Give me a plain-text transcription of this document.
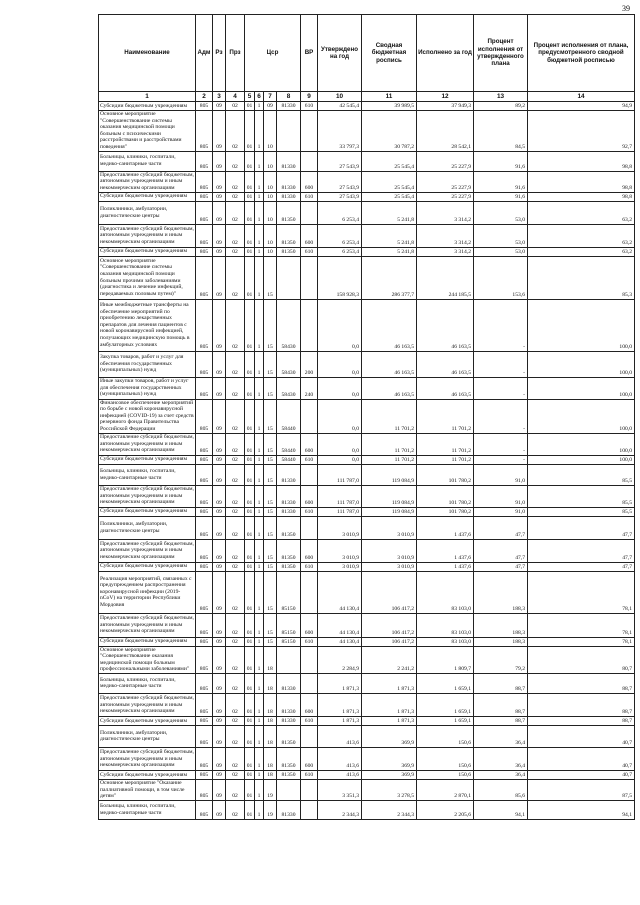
39
Наименование	Адм	Рз	Прз	Цср				ВР	Утверждено на год	Сводная бюджетная роспись	Исполнено за год	Процент исполнения от утвержденного плана	Процент исполнения от плана, предусмотренного сводной бюджетной росписью
1	2	3	4	5	6	7	8	9	10	11	12	13	14
Субсидии бюджетным учреждениям	805	09	02	01	1	09	81330	610	42 545,4	39 989,5	37 949,3	89,2	94,9
Основное мероприятие "Совершенствование системы оказания медицинской помощи больным с психическими расстройствами и расстройствами поведения"	805	09	02	01	1	10			33 797,3	30 787,2	28 542,1	84,5	92,7
Больницы, клиники, госпитали, медико-санитарные части	805	09	02	01	1	10	81330		27 543,9	25 545,4	25 227,9	91,6	98,8
Предоставление субсидий бюджетным, автономным учреждениям и иным некоммерческим организациям	805	09	02	01	1	10	81330	600	27 543,9	25 545,4	25 227,9	91,6	98,8
Субсидии бюджетным учреждениям	805	09	02	01	1	10	81330	610	27 543,9	25 545,4	25 227,9	91,6	98,8
Поликлиники, амбулатории, диагностические центры	805	09	02	01	1	10	81350		6 253,4	5 241,8	3 314,2	53,0	63,2
Предоставление субсидий бюджетным, автономным учреждениям и иным некоммерческим организациям	805	09	02	01	1	10	81350	600	6 253,4	5 241,8	3 314,2	53,0	63,2
Субсидии бюджетным учреждениям	805	09	02	01	1	10	81350	610	6 253,4	5 241,8	3 314,2	53,0	63,2
Основное мероприятие "Совершенствование системы оказания медицинской помощи больным прочими заболеваниями (диагностика и лечение инфекций, передаваемых половым путем)"	805	09	02	01	1	15			158 928,3	286 377,7	244 185,5	153,6	85,3
Иные межбюджетные трансферты на обеспечение мероприятий по приобретению лекарственных препаратов для лечения пациентов с новой коронавирусной инфекцией, получающих медицинскую помощь в амбулаторных условиях	805	09	02	01	1	15	58430		0,0	46 163,5	46 163,5	-	100,0
Закупка товаров, работ и услуг для обеспечения государственных (муниципальных) нужд	805	09	02	01	1	15	58430	200	0,0	46 163,5	46 163,5	-	100,0
Иные закупки товаров, работ и услуг для обеспечения государственных (муниципальных) нужд	805	09	02	01	1	15	58430	240	0,0	46 163,5	46 163,5	-	100,0
Финансовое обеспечение мероприятий по борьбе с новой коронавирусной инфекцией (COVID-19) за счет средств резервного фонда Правительства Российской Федерации	805	09	02	01	1	15	58440		0,0	11 701,2	11 701,2	-	100,0
Предоставление субсидий бюджетным, автономным учреждениям и иным некоммерческим организациям	805	09	02	01	1	15	58440	600	0,0	11 701,2	11 701,2	-	100,0
Субсидии бюджетным учреждениям	805	09	02	01	1	15	58440	610	0,0	11 701,2	11 701,2	-	100,0
Больницы, клиники, госпитали, медико-санитарные части	805	09	02	01	1	15	81330		111 787,0	119 084,9	101 780,2	91,0	85,5
Предоставление субсидий бюджетным, автономным учреждениям и иным некоммерческим организациям	805	09	02	01	1	15	81330	600	111 787,0	119 084,9	101 780,2	91,0	85,5
Субсидии бюджетным учреждениям	805	09	02	01	1	15	81330	610	111 787,0	119 084,9	101 780,2	91,0	85,5
Поликлиники, амбулатории, диагностические центры	805	09	02	01	1	15	81350		3 010,9	3 010,9	1 437,6	47,7	47,7
Предоставление субсидий бюджетным, автономным учреждениям и иным некоммерческим организациям	805	09	02	01	1	15	81350	600	3 010,9	3 010,9	1 437,6	47,7	47,7
Субсидии бюджетным учреждениям	805	09	02	01	1	15	81350	610	3 010,9	3 010,9	1 437,6	47,7	47,7
Реализация мероприятий, связанных с предупреждением распространения коронавирусной инфекции (2019-nCoV) на территории Республики Мордовия	805	09	02	01	1	15	85150		44 130,4	106 417,2	83 103,0	188,3	78,1
Предоставление субсидий бюджетным, автономным учреждениям и иным некоммерческим организациям	805	09	02	01	1	15	85150	600	44 130,4	106 417,2	83 103,0	188,3	78,1
Субсидии бюджетным учреждениям	805	09	02	01	1	15	85150	610	44 130,4	106 417,2	83 103,0	188,3	78,1
Основное мероприятие "Совершенствование оказания медицинской помощи больным профессиональными заболеваниями"	805	09	02	01	1	18			2 284,9	2 241,2	1 809,7	79,2	80,7
Больницы, клиники, госпитали, медико-санитарные части	805	09	02	01	1	18	81330		1 871,3	1 871,3	1 659,1	88,7	88,7
Предоставление субсидий бюджетным, автономным учреждениям и иным некоммерческим организациям	805	09	02	01	1	18	81330	600	1 871,3	1 871,3	1 659,1	88,7	88,7
Субсидии бюджетным учреждениям	805	09	02	01	1	18	81330	610	1 871,3	1 871,3	1 659,1	88,7	88,7
Поликлиники, амбулатории, диагностические центры	805	09	02	01	1	18	81350		413,6	369,9	150,6	36,4	40,7
Предоставление субсидий бюджетным, автономным учреждениям и иным некоммерческим организациям	805	09	02	01	1	18	81350	600	413,6	369,9	150,6	36,4	40,7
Субсидии бюджетным учреждениям	805	09	02	01	1	18	81350	610	413,6	369,9	150,6	36,4	40,7
Основное мероприятие "Оказание паллиативной помощи, в том числе детям"	805	09	02	01	1	19			3 351,3	3 278,5	2 870,1	85,6	87,5
Больницы, клиники, госпитали, медико-санитарные части	805	09	02	01	1	19	81330		2 344,3	2 344,3	2 205,6	94,1	94,1
